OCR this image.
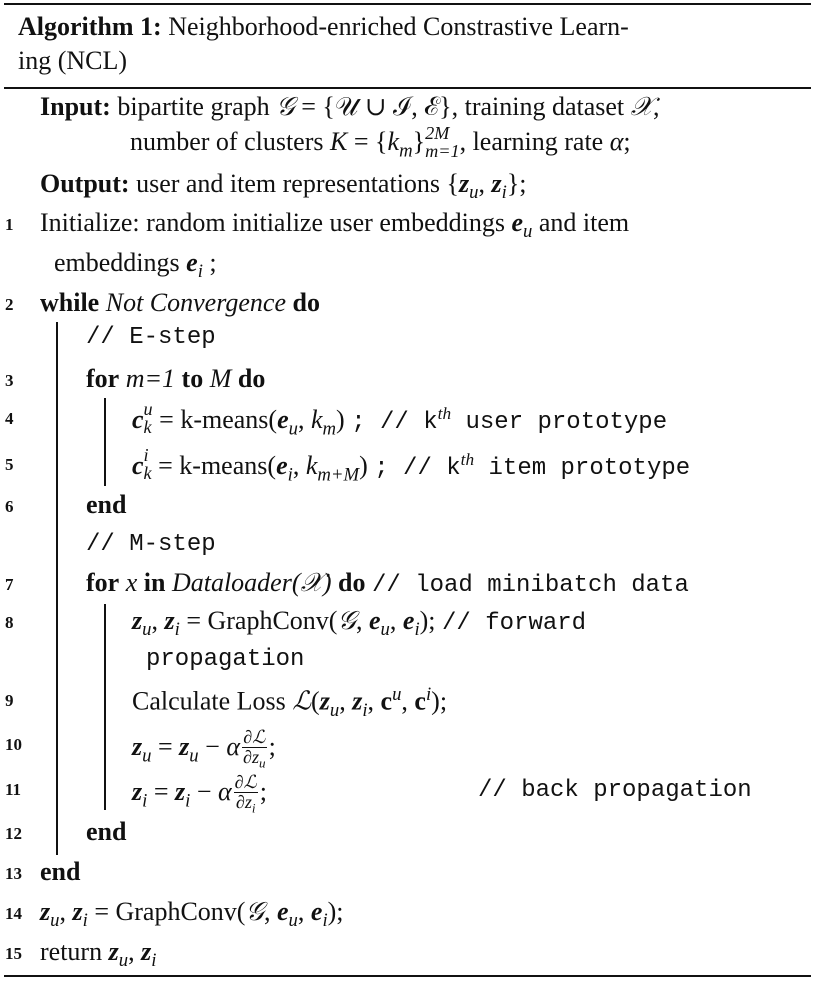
Algorithm 1: Neighborhood-enriched Constrastive Learn-
ing (NCL)
Input: bipartite graph 𝒢 = {𝒰 ∪ ℐ, ℰ}, training dataset 𝒳,
number of clusters $K = \{k_m\}$ 2M
m=1 , learning rate α;
Output: user and item representations {$z_u$, $z_i$};
1	Initialize: random initialize user embeddings $e_u$ and item
embeddings $e_i$ ;
2	while Not Convergence do
// E-step
3	for m=1 to M do
4	c u
$k = k-means(e_u$, $k_m$) ; // $k^{th}$ user prototype
5	c i
$k = k-means(e_i$, $k_{m+M}$) ; // $k^{th}$ item prototype
6	end
// M-step
7	for x in Dataloader(𝒳) do // load minibatch data
8	$z_u$, $z_i$ = GraphConv(𝒢, $e_u$, $e_i$); // forward
propagation
9	Calculate Loss $ℒ(z_u$, $z_i$, $c^u$, $c^i$);
10	$z_u = z_u - \alpha \frac{\text{∂ℒ}}{\partial z_u}$ ;
11	$z_i = z_i - \alpha \frac{\text{∂ℒ}}{\partial z_i}$ ;	// back propagation
12 end
13 end
14 $z_u$, $z_i$ = GraphConv(𝒢, $e_u$, $e_i$);
15 return $z_u$, $z_i$
